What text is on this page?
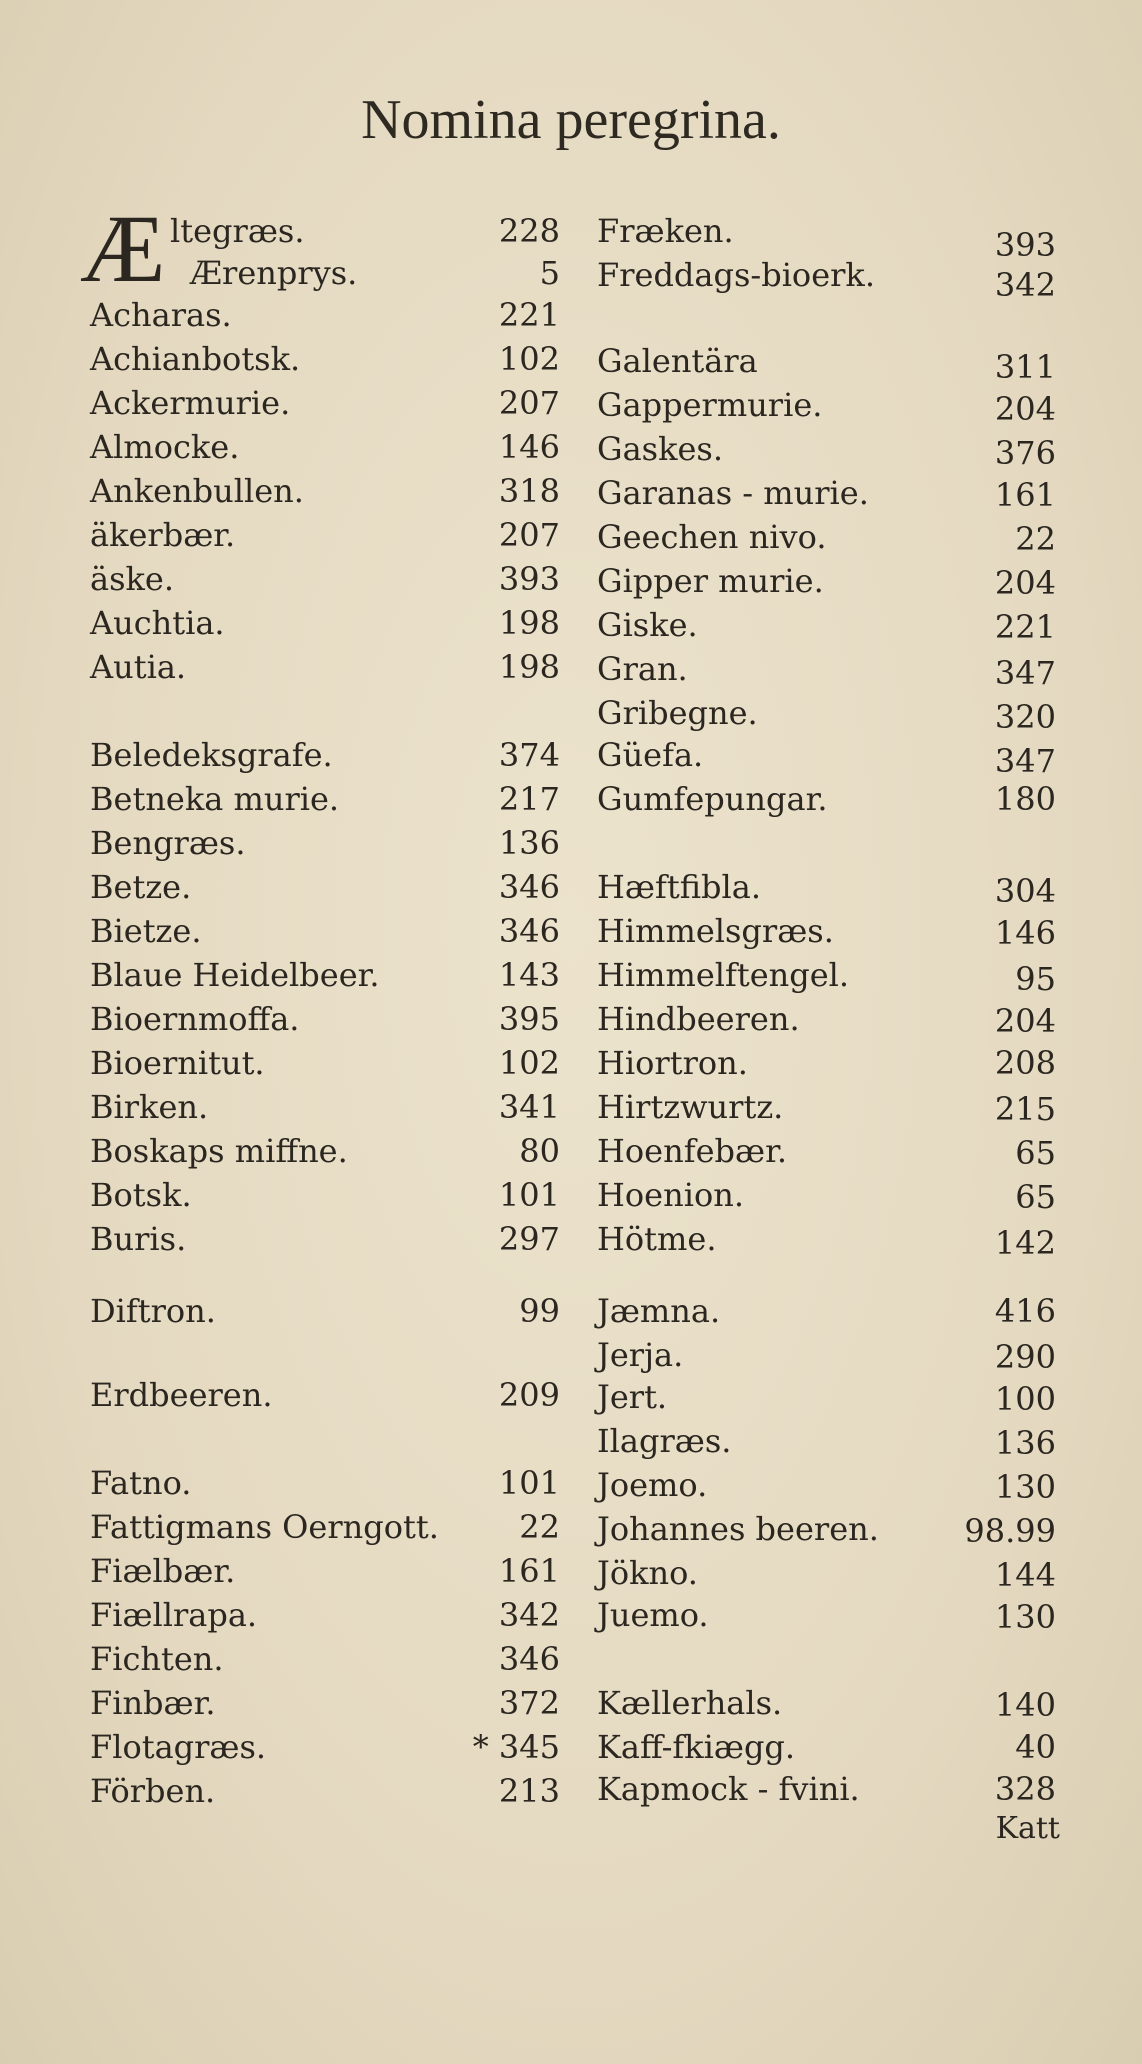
Nomina peregrina.
Æ ltegræs.	228
Ærenprys.	5
Acharas.	221
Achianbotsk.	102
Ackermurie.	207
Almocke.	146
Ankenbullen.	318
äkerbær.	207
äske.	393
Auchtia.	198
Autia.	198
Beledeksgrafe.	374
Betneka murie.	217
Bengræs.	136
Betze.	346
Bietze.	346
Blaue Heidelbeer.	143
Bioernmoffa.	395
Bioernitut.	102
Birken.	341
Boskaps miffne.	80
Botsk.	101
Buris.	297
Diftron.	99
Erdbeeren.	209
Fatno.	101
Fattigmans Oerngott.	22
Fiælbær.	161
Fiællrapa.	342
Fichten.	346
Finbær.	372
Flotagræs.	* 345
Förben.	213
Fræken.	393
Freddags-bioerk.	342
Galentära	311
Gappermurie.	204
Gaskes.	376
Garanas - murie.	161
Geechen nivo.	22
Gipper murie.	204
Giske.	221
Gran.	347
Gribegne.	320
Güefa.	347
Gumfepungar.	180
Hæftfibla.	304
Himmelsgræs.	146
Himmelftengel.	95
Hindbeeren.	204
Hiortron.	208
Hirtzwurtz.	215
Hoenfebær.	65
Hoenion.	65
Hötme.	142
Jæmna.	416
Jerja.	290
Jert.	100
Ilagræs.	136
Joemo.	130
Johannes beeren.	98.99
Jökno.	144
Juemo.	130
Kællerhals.	140
Kaff-fkiægg.	40
Kapmock - fvini.	328
Katt
